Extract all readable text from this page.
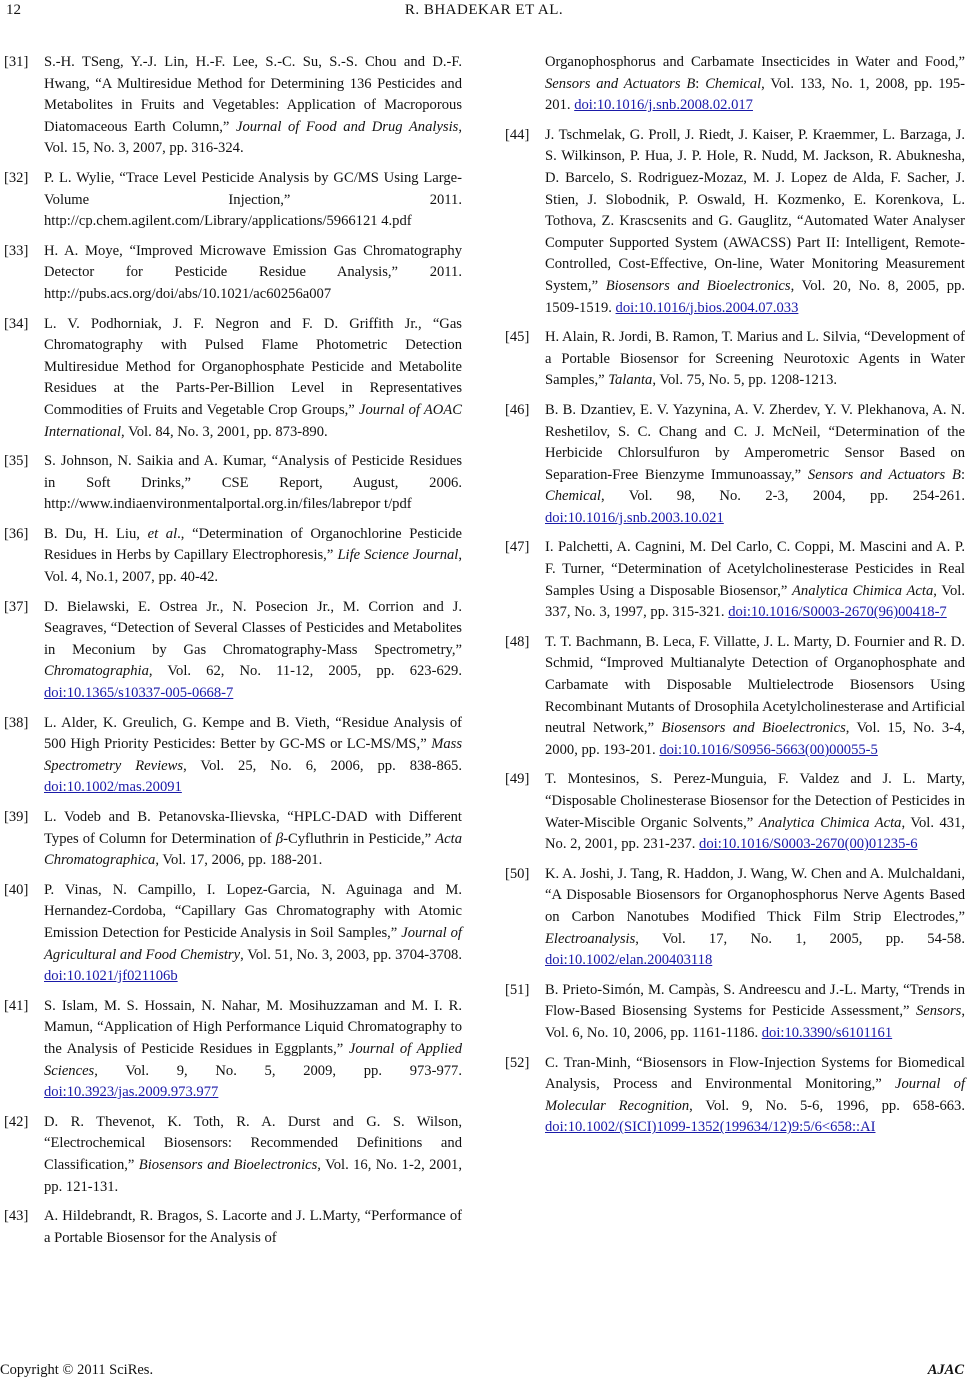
12	R. BHADEKAR ET AL.
[31]	S.-H. TSeng, Y.-J. Lin, H.-F. Lee, S.-C. Su, S.-S. Chou and D.-F. Hwang, “A Multiresidue Method for Determining 136 Pesticides and Metabolites in Fruits and Vegetables: Application of Macroporous Diatomaceous Earth Column,” Journal of Food and Drug Analysis, Vol. 15, No. 3, 2007, pp. 316-324.
[32]	P. L. Wylie, “Trace Level Pesticide Analysis by GC/MS Using Large-Volume Injection,” 2011. http://cp.chem.agilent.com/Library/applications/5966121 4.pdf
[33]	H. A. Moye, “Improved Microwave Emission Gas Chromatography Detector for Pesticide Residue Analysis,” 2011. http://pubs.acs.org/doi/abs/10.1021/ac60256a007
[34]	L. V. Podhorniak, J. F. Negron and F. D. Griffith Jr., “Gas Chromatography with Pulsed Flame Photometric Detection Multiresidue Method for Organophosphate Pesticide and Metabolite Residues at the Parts-Per-Billion Level in Representatives Commodities of Fruits and Vegetable Crop Groups,” Journal of AOAC International, Vol. 84, No. 3, 2001, pp. 873-890.
[35]	S. Johnson, N. Saikia and A. Kumar, “Analysis of Pesticide Residues in Soft Drinks,” CSE Report, August, 2006. http://www.indiaenvironmentalportal.org.in/files/labrepor t/pdf
[36]	B. Du, H. Liu, et al., “Determination of Organochlorine Pesticide Residues in Herbs by Capillary Electrophoresis,” Life Science Journal, Vol. 4, No.1, 2007, pp. 40-42.
[37]	D. Bielawski, E. Ostrea Jr., N. Posecion Jr., M. Corrion and J. Seagraves, “Detection of Several Classes of Pesticides and Metabolites in Meconium by Gas Chromatography-Mass Spectrometry,” Chromatographia, Vol. 62, No. 11-12, 2005, pp. 623-629. doi:10.1365/s10337-005-0668-7
[38]	L. Alder, K. Greulich, G. Kempe and B. Vieth, “Residue Analysis of 500 High Priority Pesticides: Better by GC-MS or LC-MS/MS,” Mass Spectrometry Reviews, Vol. 25, No. 6, 2006, pp. 838-865. doi:10.1002/mas.20091
[39]	L. Vodeb and B. Petanovska-Ilievska, “HPLC-DAD with Different Types of Column for Determination of β-Cyfluthrin in Pesticide,” Acta Chromatographica, Vol. 17, 2006, pp. 188-201.
[40]	P. Vinas, N. Campillo, I. Lopez-Garcia, N. Aguinaga and M. Hernandez-Cordoba, “Capillary Gas Chromatography with Atomic Emission Detection for Pesticide Analysis in Soil Samples,” Journal of Agricultural and Food Chemistry, Vol. 51, No. 3, 2003, pp. 3704-3708. doi:10.1021/jf021106b
[41]	S. Islam, M. S. Hossain, N. Nahar, M. Mosihuzzaman and M. I. R. Mamun, “Application of High Performance Liquid Chromatography to the Analysis of Pesticide Residues in Eggplants,” Journal of Applied Sciences, Vol. 9, No. 5, 2009, pp. 973-977. doi:10.3923/jas.2009.973.977
[42]	D. R. Thevenot, K. Toth, R. A. Durst and G. S. Wilson, “Electrochemical Biosensors: Recommended Definitions and Classification,” Biosensors and Bioelectronics, Vol. 16, No. 1-2, 2001, pp. 121-131.
[43]	A. Hildebrandt, R. Bragos, S. Lacorte and J. L.Marty, “Performance of a Portable Biosensor for the Analysis of
Organophosphorus and Carbamate Insecticides in Water and Food,” Sensors and Actuators B: Chemical, Vol. 133, No. 1, 2008, pp. 195-201. doi:10.1016/j.snb.2008.02.017
[44]	J. Tschmelak, G. Proll, J. Riedt, J. Kaiser, P. Kraemmer, L. Barzaga, J. S. Wilkinson, P. Hua, J. P. Hole, R. Nudd, M. Jackson, R. Abuknesha, D. Barcelo, S. Rodriguez-Mozaz, M. J. Lopez de Alda, F. Sacher, J. Stien, J. Slobodnik, P. Oswald, H. Kozmenko, E. Korenkova, L. Tothova, Z. Krascsenits and G. Gauglitz, “Automated Water Analyser Computer Supported System (AWACSS) Part II: Intelligent, Remote-Controlled, Cost-Effective, On-line, Water Monitoring Measurement System,” Biosensors and Bioelectronics, Vol. 20, No. 8, 2005, pp. 1509-1519. doi:10.1016/j.bios.2004.07.033
[45]	H. Alain, R. Jordi, B. Ramon, T. Marius and L. Silvia, “Development of a Portable Biosensor for Screening Neurotoxic Agents in Water Samples,” Talanta, Vol. 75, No. 5, pp. 1208-1213.
[46]	B. B. Dzantiev, E. V. Yazynina, A. V. Zherdev, Y. V. Plekhanova, A. N. Reshetilov, S. C. Chang and C. J. McNeil, “Determination of the Herbicide Chlorsulfuron by Amperometric Sensor Based on Separation-Free Bienzyme Immunoassay,” Sensors and Actuators B: Chemical, Vol. 98, No. 2-3, 2004, pp. 254-261. doi:10.1016/j.snb.2003.10.021
[47]	I. Palchetti, A. Cagnini, M. Del Carlo, C. Coppi, M. Mascini and A. P. F. Turner, “Determination of Acetylcholinesterase Pesticides in Real Samples Using a Disposable Biosensor,” Analytica Chimica Acta, Vol. 337, No. 3, 1997, pp. 315-321. doi:10.1016/S0003-2670(96)00418-7
[48]	T. T. Bachmann, B. Leca, F. Villatte, J. L. Marty, D. Fournier and R. D. Schmid, “Improved Multianalyte Detection of Organophosphate and Carbamate with Disposable Multielectrode Biosensors Using Recombinant Mutants of Drosophila Acetylcholinesterase and Artificial neutral Network,” Biosensors and Bioelectronics, Vol. 15, No. 3-4, 2000, pp. 193-201. doi:10.1016/S0956-5663(00)00055-5
[49]	T. Montesinos, S. Perez-Munguia, F. Valdez and J. L. Marty, “Disposable Cholinesterase Biosensor for the Detection of Pesticides in Water-Miscible Organic Solvents,” Analytica Chimica Acta, Vol. 431, No. 2, 2001, pp. 231-237. doi:10.1016/S0003-2670(00)01235-6
[50]	K. A. Joshi, J. Tang, R. Haddon, J. Wang, W. Chen and A. Mulchaldani, “A Disposable Biosensors for Organophosphorus Nerve Agents Based on Carbon Nanotubes Modified Thick Film Strip Electrodes,” Electroanalysis, Vol. 17, No. 1, 2005, pp. 54-58. doi:10.1002/elan.200403118
[51]	B. Prieto-Simón, M. Campàs, S. Andreescu and J.-L. Marty, “Trends in Flow-Based Biosensing Systems for Pesticide Assessment,” Sensors, Vol. 6, No. 10, 2006, pp. 1161-1186. doi:10.3390/s6101161
[52]	C. Tran-Minh, “Biosensors in Flow-Injection Systems for Biomedical Analysis, Process and Environmental Monitoring,” Journal of Molecular Recognition, Vol. 9, No. 5-6, 1996, pp. 658-663. doi:10.1002/(SICI)1099-1352(199634/12)9:5/6<658::AI
Copyright © 2011 SciRes.	AJAC
